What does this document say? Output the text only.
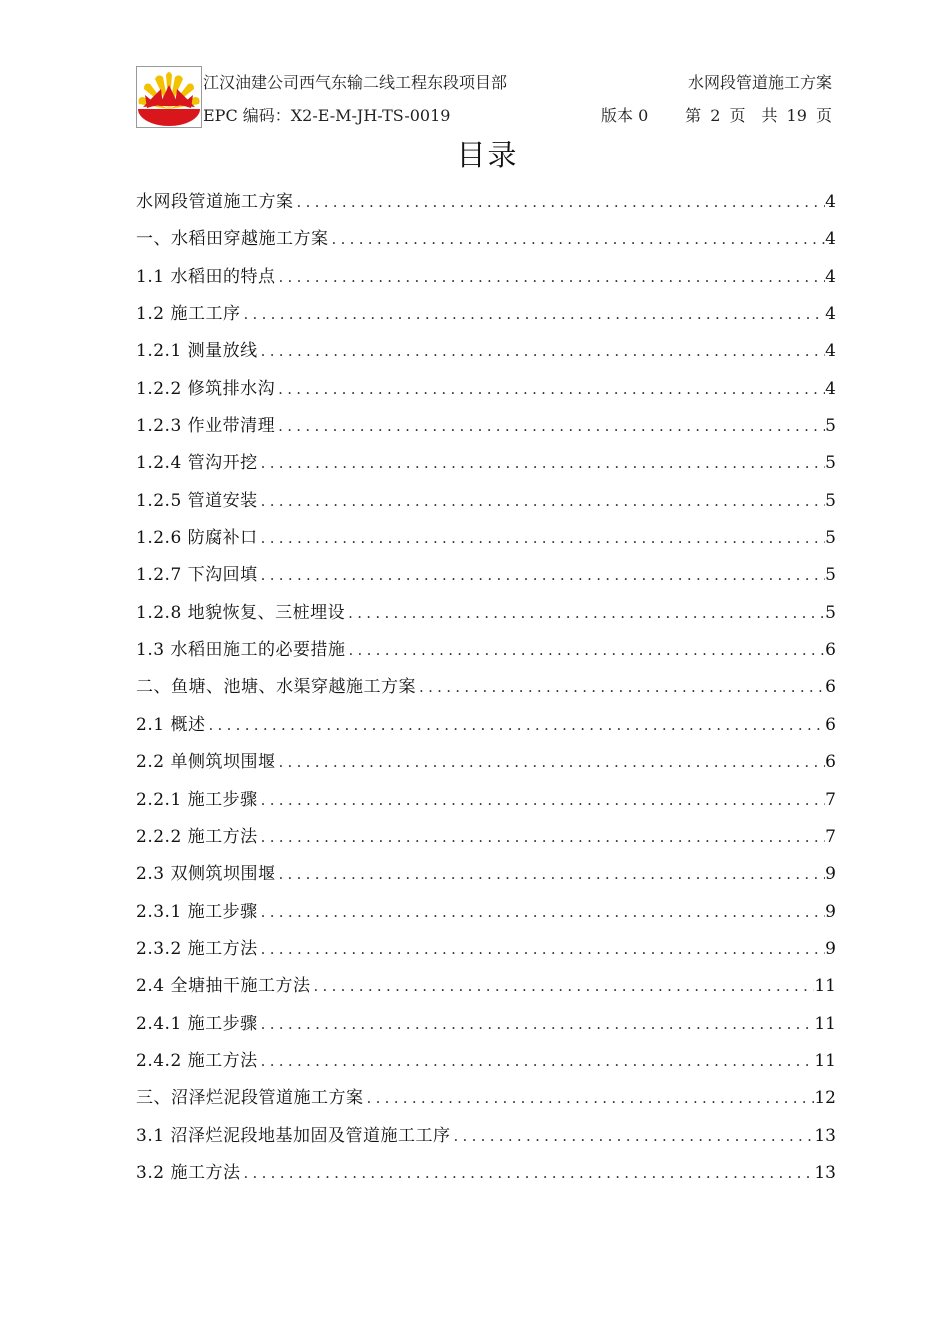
江汉油建公司西气东输二线工程东段项目部	水网段管道施工方案
EPC 编码：X2-E-M-JH-TS-0019	版本 0 第 2 页　共 19 页
目录
水网段管道施工方案 .....	4
一、水稻田穿越施工方案 .....	4
1.1 水稻田的特点 .....	4
1.2 施工工序 .....	4
1.2.1 测量放线 .....	4
1.2.2 修筑排水沟 .....	4
1.2.3 作业带清理 .....	5
1.2.4 管沟开挖 .....	5
1.2.5 管道安装 .....	5
1.2.6 防腐补口 .....	5
1.2.7 下沟回填 .....	5
1.2.8 地貌恢复、三桩埋设 .....	5
1.3 水稻田施工的必要措施 .....	6
二、鱼塘、池塘、水渠穿越施工方案 .....	6
2.1 概述 .....	6
2.2 单侧筑坝围堰 .....	6
2.2.1 施工步骤 .....	7
2.2.2 施工方法 .....	7
2.3 双侧筑坝围堰 .....	9
2.3.1 施工步骤 .....	9
2.3.2 施工方法 .....	9
2.4 全塘抽干施工方法 .....	11
2.4.1 施工步骤 .....	11
2.4.2 施工方法 .....	11
三、沼泽烂泥段管道施工方案 .....	12
3.1 沼泽烂泥段地基加固及管道施工工序 .....	13
3.2 施工方法 .....	13
